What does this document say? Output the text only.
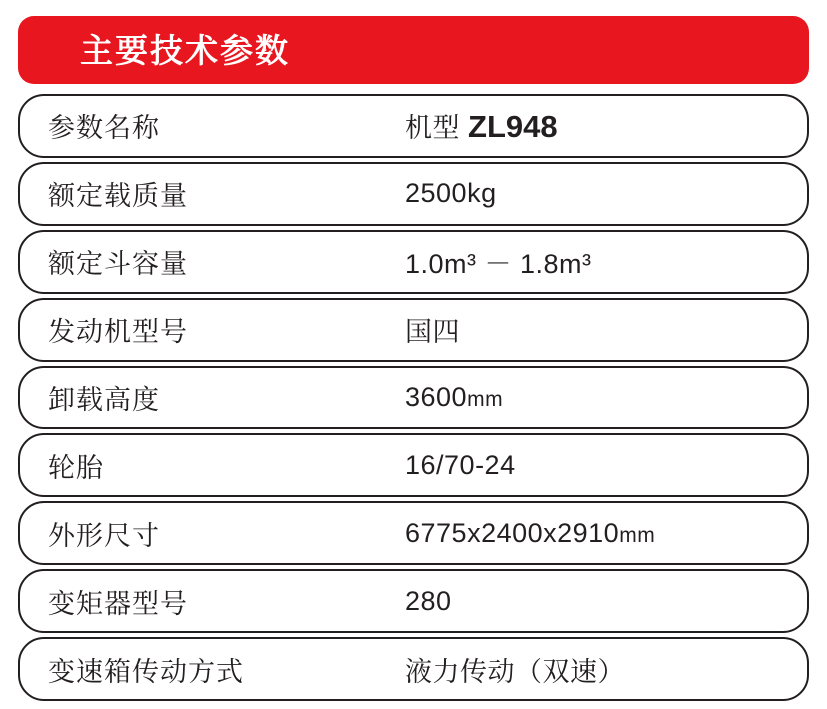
主要技术参数
参数名称	机型 ZL948
额定载质量	2500kg
额定斗容量	1.0m³ － 1.8m³
发动机型号	国四
卸载高度	3600mm
轮胎	16/70-24
外形尺寸	6775x2400x2910mm
变矩器型号	280
变速箱传动方式	液力传动（双速）
